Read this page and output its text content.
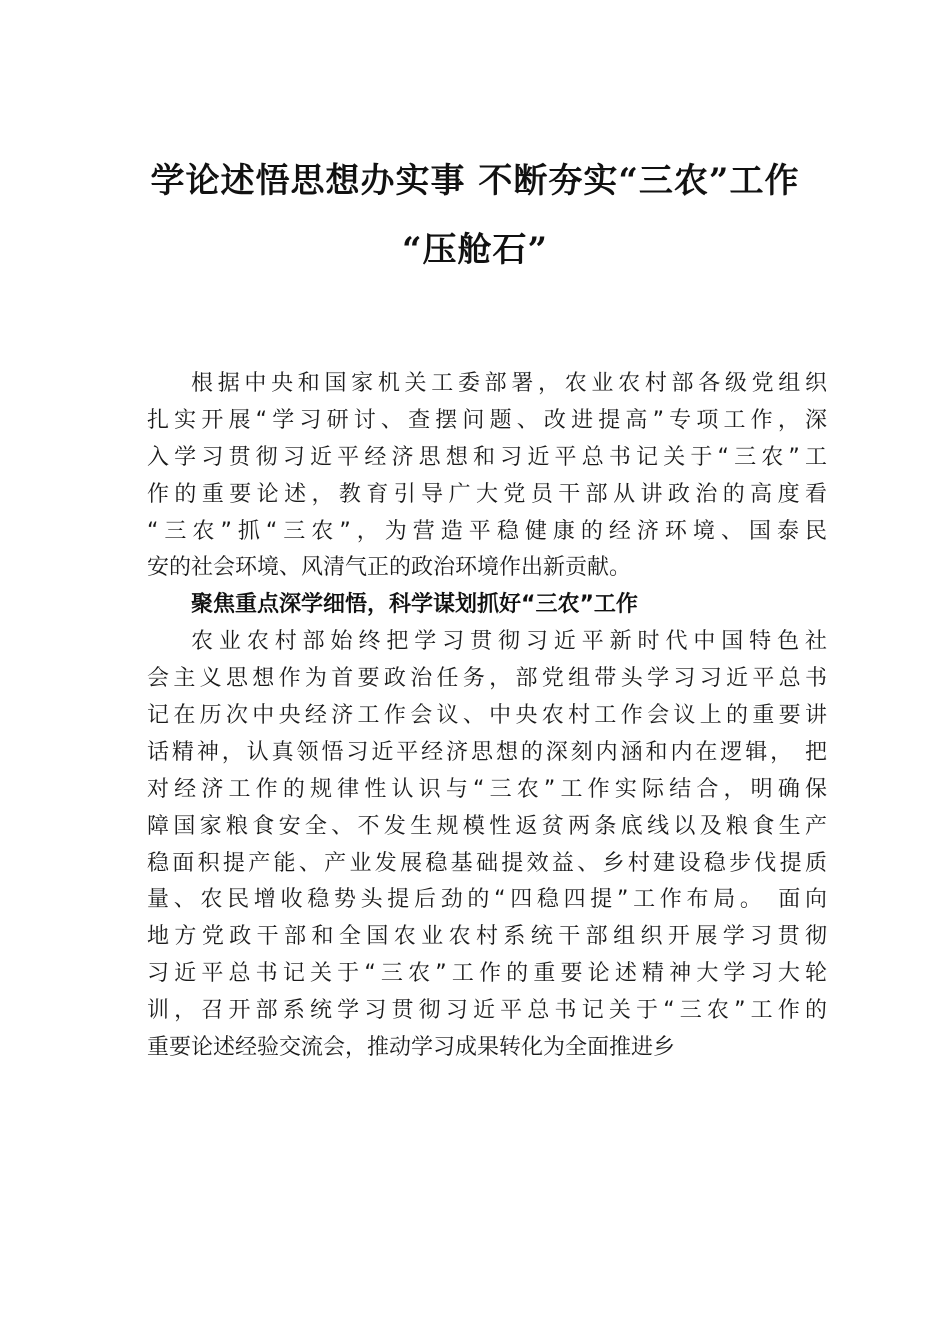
学论述悟思想办实事 不断夯实“三农”工作
“压舱石”
根据中央和国家机关工委部署，农业农村部各级党组织
扎实开展“学习研讨、查摆问题、改进提高”专项工作，深
入学习贯彻习近平经济思想和习近平总书记关于“三农”工
作的重要论述，教育引导广大党员干部从讲政治的高度看
“三农”抓“三农”，为营造平稳健康的经济环境、国泰民
安的社会环境、风清气正的政治环境作出新贡献。
聚焦重点深学细悟，科学谋划抓好“三农”工作
农业农村部始终把学习贯彻习近平新时代中国特色社
会主义思想作为首要政治任务，部党组带头学习习近平总书
记在历次中央经济工作会议、中央农村工作会议上的重要讲
话精神，认真领悟习近平经济思想的深刻内涵和内在逻辑， 把
对经济工作的规律性认识与“三农”工作实际结合，明确保
障国家粮食安全、不发生规模性返贫两条底线以及粮食生产
稳面积提产能、产业发展稳基础提效益、乡村建设稳步伐提质
量、农民增收稳势头提后劲的“四稳四提”工作布局。 面向
地方党政干部和全国农业农村系统干部组织开展学习贯彻
习近平总书记关于“三农”工作的重要论述精神大学习大轮
训，召开部系统学习贯彻习近平总书记关于“三农”工作的
重要论述经验交流会，推动学习成果转化为全面推进乡
